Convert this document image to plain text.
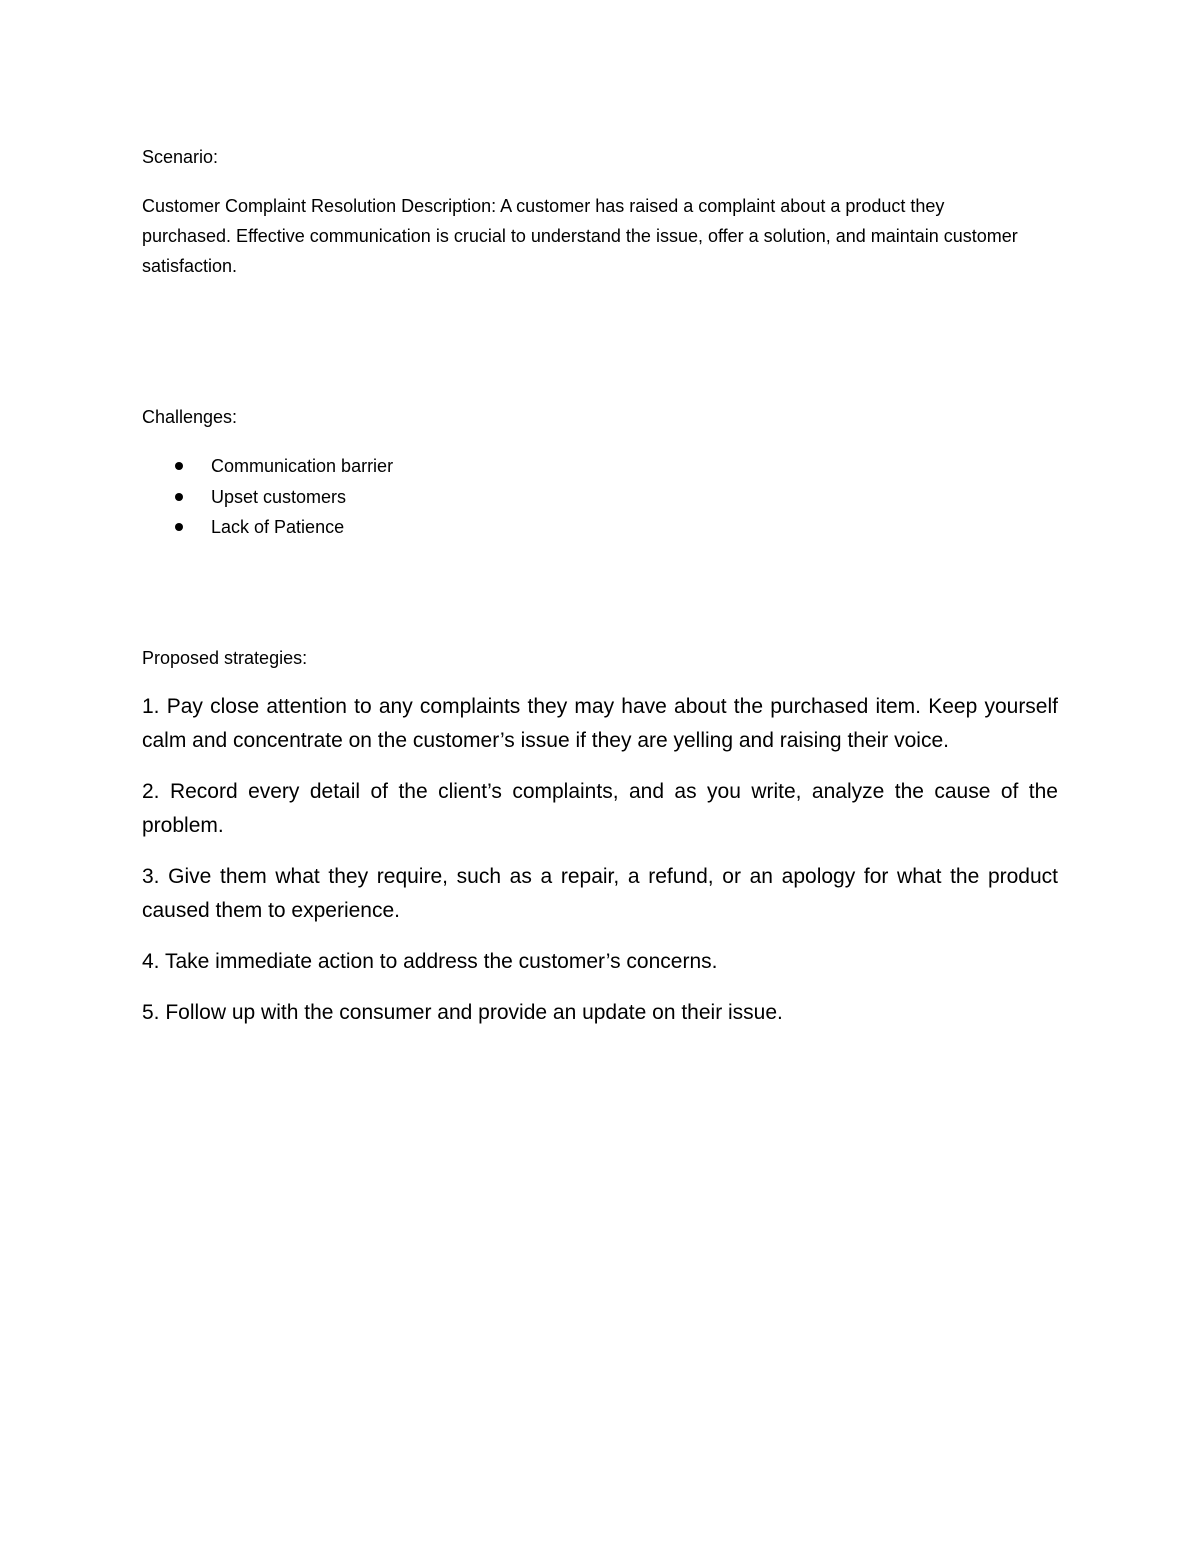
Scenario:

Customer Complaint Resolution Description: A customer has raised a complaint about a product they purchased. Effective communication is crucial to understand the issue, offer a solution, and maintain customer satisfaction.

Challenges:

Communication barrier
Upset customers
Lack of Patience

Proposed strategies:

1. Pay close attention to any complaints they may have about the purchased item. Keep yourself calm and concentrate on the customer’s issue if they are yelling and raising their voice.
2. Record every detail of the client’s complaints, and as you write, analyze the cause of the problem.
3. Give them what they require, such as a repair, a refund, or an apology for what the product caused them to experience.
4. Take immediate action to address the customer’s concerns.
5. Follow up with the consumer and provide an update on their issue.
